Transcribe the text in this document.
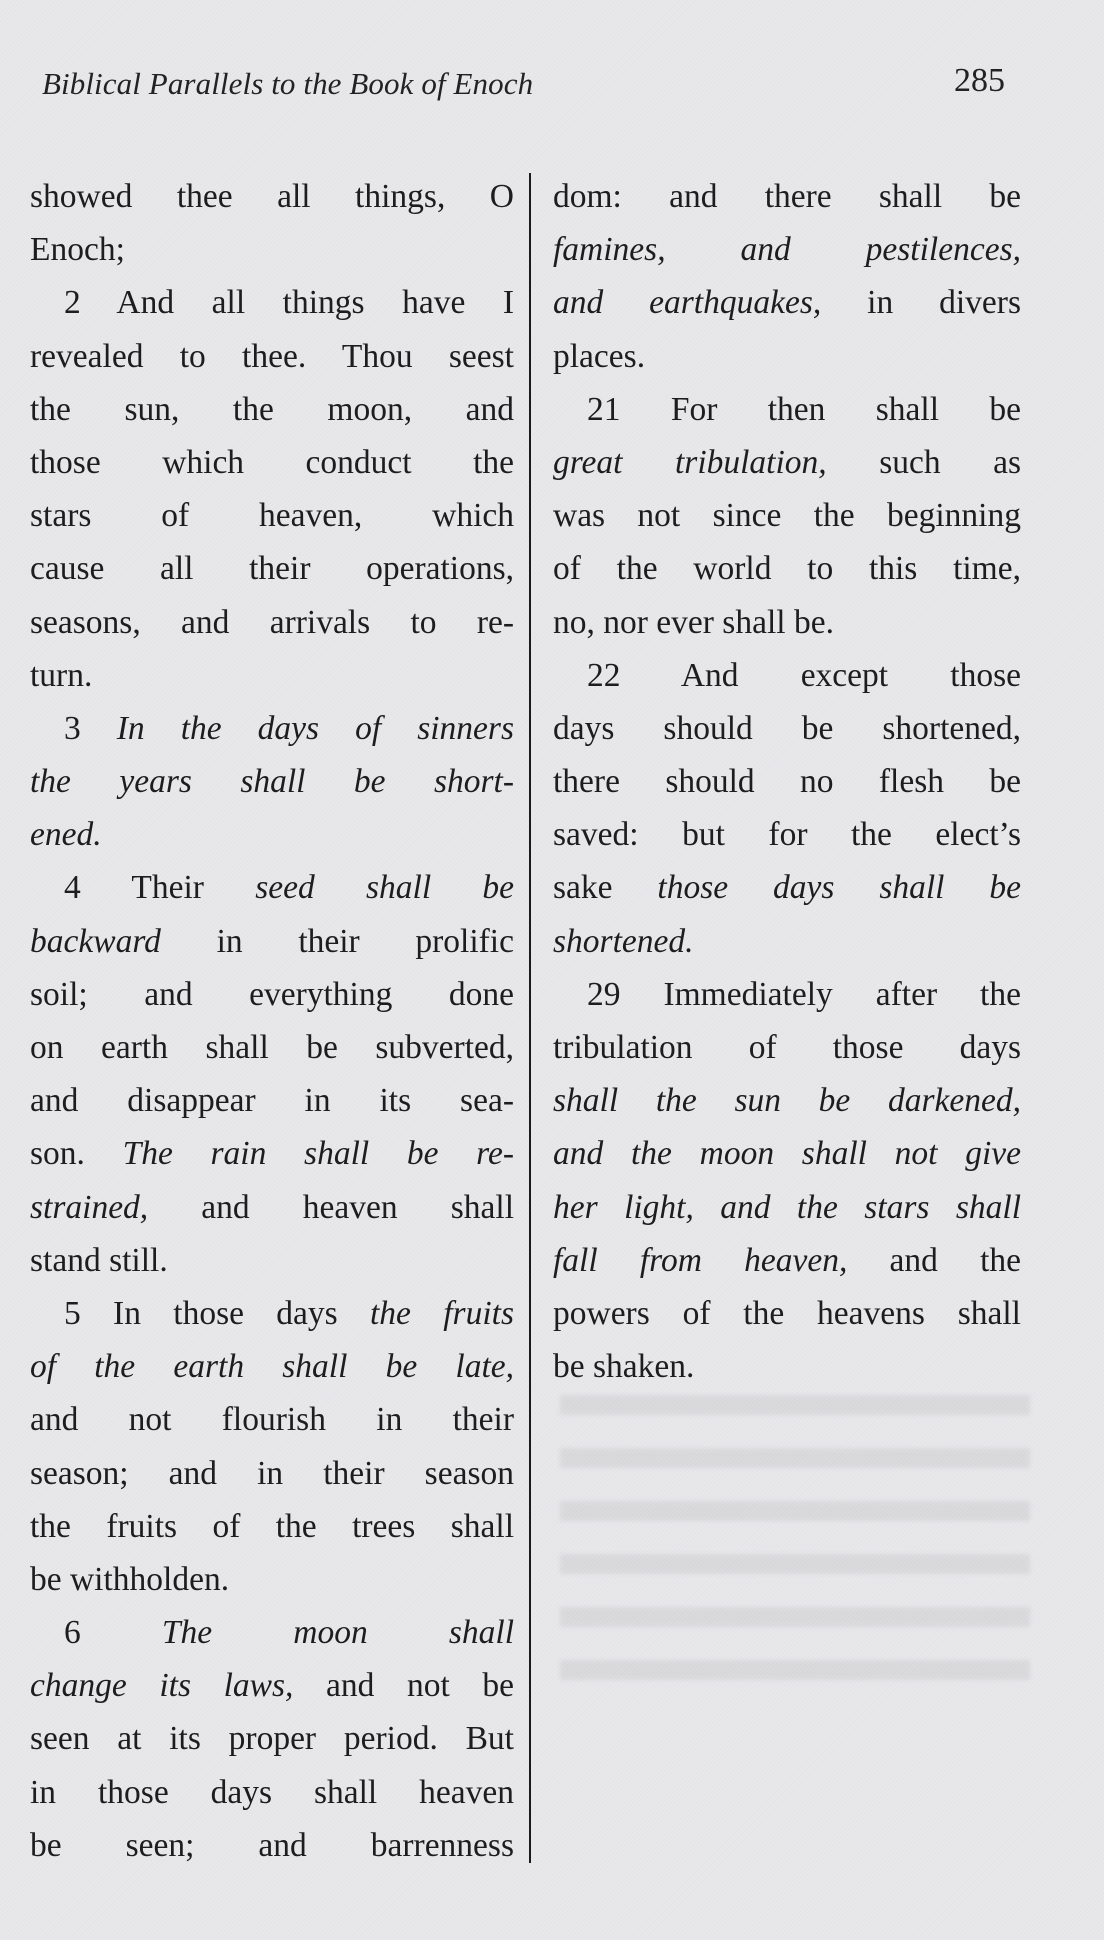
Biblical Parallels to the Book of Enoch	285
showed thee all things, O
Enoch;
2 And all things have I
revealed to thee. Thou seest
the sun, the moon, and
those which conduct the
stars of heaven, which
cause all their operations,
seasons, and arrivals to re-
turn.
3 In the days of sinners
the years shall be short-
ened.
4 Their seed shall be
backward in their prolific
soil; and everything done
on earth shall be subverted,
and disappear in its sea-
son. The rain shall be re-
strained, and heaven shall
stand still.
5 In those days the fruits
of the earth shall be late,
and not flourish in their
season; and in their season
the fruits of the trees shall
be withholden.
6 The moon shall
change its laws, and not be
seen at its proper period. But
in those days shall heaven
be seen; and barrenness
dom: and there shall be
famines, and pestilences,
and earthquakes, in divers
places.
21 For then shall be
great tribulation, such as
was not since the beginning
of the world to this time,
no, nor ever shall be.
22 And except those
days should be shortened,
there should no flesh be
saved: but for the elect’s
sake those days shall be
shortened.
29 Immediately after the
tribulation of those days
shall the sun be darkened,
and the moon shall not give
her light, and the stars shall
fall from heaven, and the
powers of the heavens shall
be shaken.
